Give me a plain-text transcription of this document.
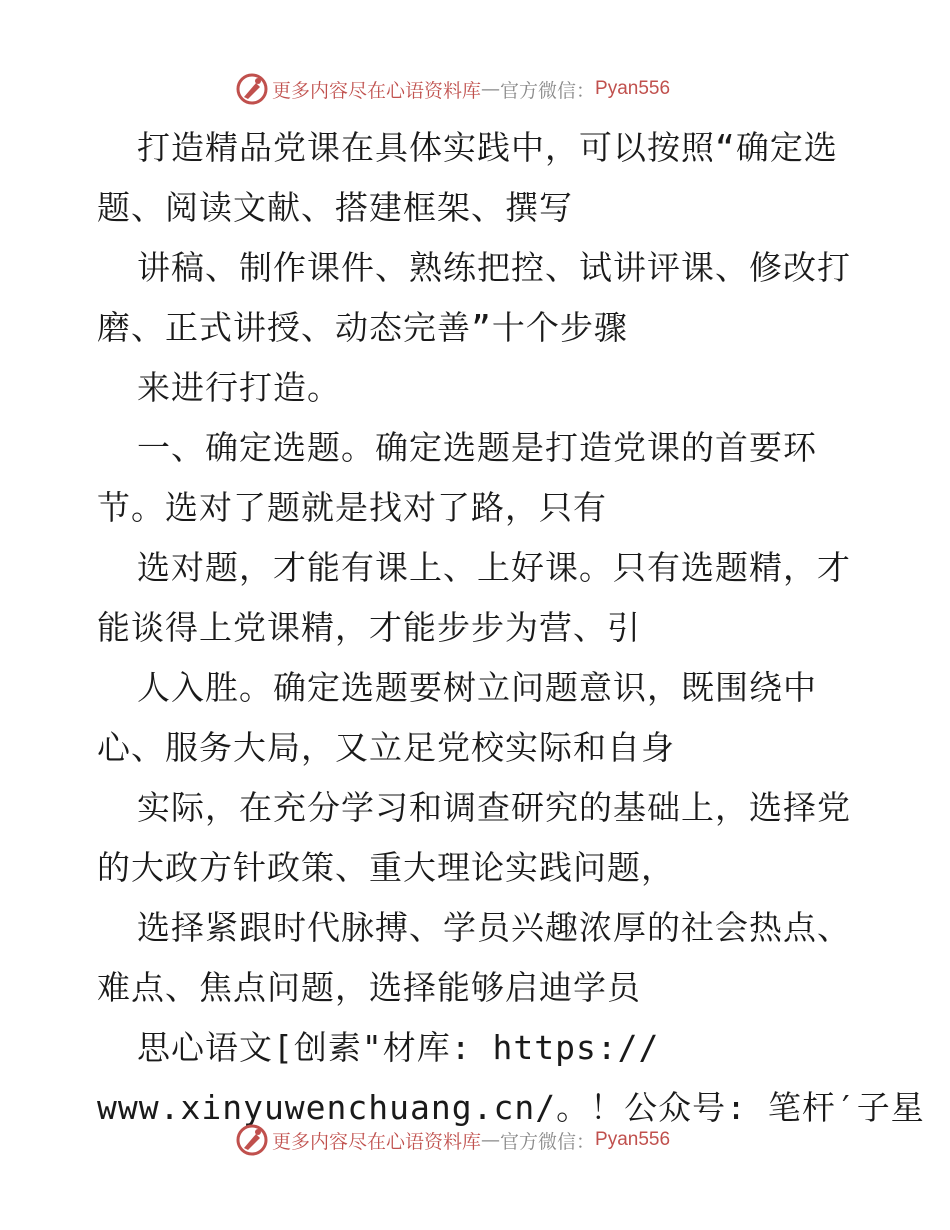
更多内容尽在心语资料库 — 官方微信： Pyan556
打造精品党课在具体实践中，可以按照“确定选
题、阅读文献、搭建框架、撰写
讲稿、制作课件、熟练把控、试讲评课、修改打
磨、正式讲授、动态完善”十个步骤
来进行打造。
一、确定选题。确定选题是打造党课的首要环
节。选对了题就是找对了路，只有
选对题，才能有课上、上好课。只有选题精，才
能谈得上党课精，才能步步为营、引
人入胜。确定选题要树立问题意识，既围绕中
心、服务大局，又立足党校实际和自身
实际，在充分学习和调查研究的基础上，选择党
的大政方针政策、重大理论实践问题，
选择紧跟时代脉搏、学员兴趣浓厚的社会热点、
难点、焦点问题，选择能够启迪学员
思心语文[创素"材库: https://
www.xinyuwenchuang.cn/。！公众号: 笔杆′子星
更多内容尽在心语资料库 — 官方微信： Pyan556
